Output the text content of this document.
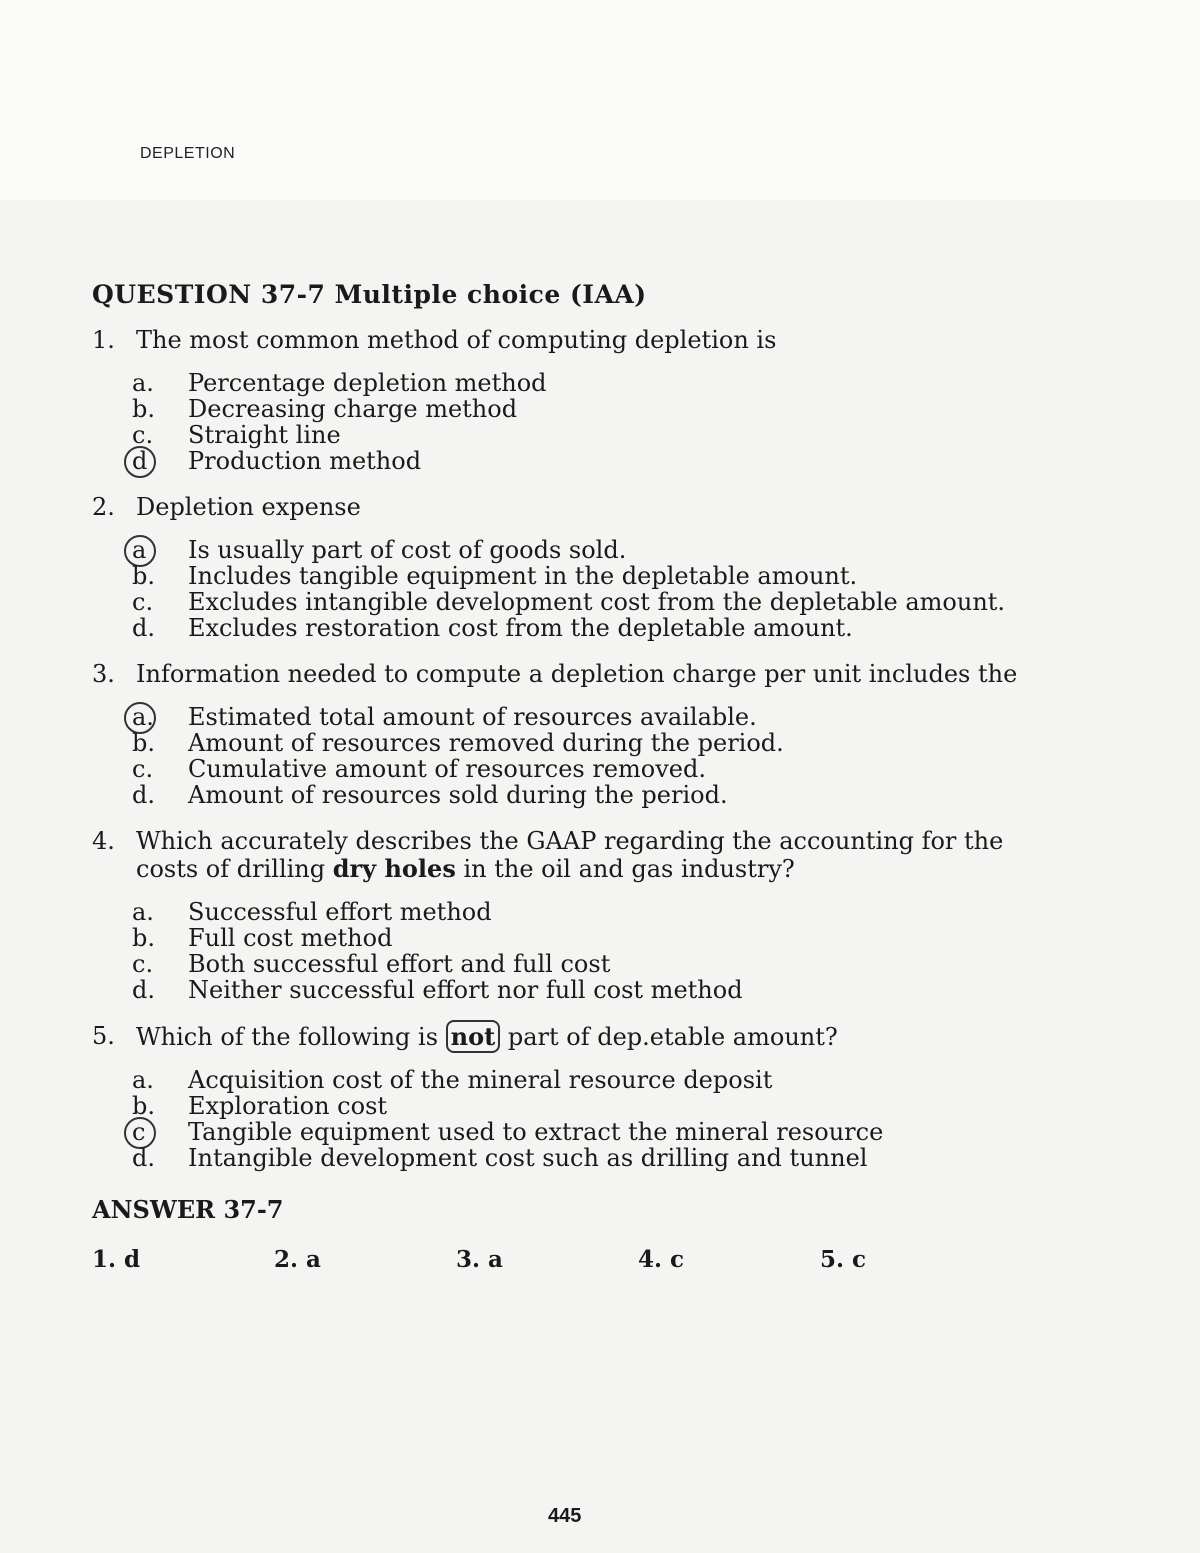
DEPLETION
QUESTION 37-7 Multiple choice (IAA)
1. The most common method of computing depletion is
a.	Percentage depletion method
b.	Decreasing charge method
c.	Straight line
d	Production method
2. Depletion expense
a	Is usually part of cost of goods sold.
b.	Includes tangible equipment in the depletable amount.
c.	Excludes intangible development cost from the depletable amount.
d.	Excludes restoration cost from the depletable amount.
3. Information needed to compute a depletion charge per unit includes the
a.	Estimated total amount of resources available.
b.	Amount of resources removed during the period.
c.	Cumulative amount of resources removed.
d.	Amount of resources sold during the period.
4. Which accurately describes the GAAP regarding the accounting for the costs of drilling dry holes in the oil and gas industry?
a.	Successful effort method
b.	Full cost method
c.	Both successful effort and full cost
d.	Neither successful effort nor full cost method
5. Which of the following is not part of dep.etable amount?
a.	Acquisition cost of the mineral resource deposit
b.	Exploration cost
c	Tangible equipment used to extract the mineral resource
d.	Intangible development cost such as drilling and tunnel
ANSWER 37-7
1. d	2. a	3. a	4. c	5. c
445
